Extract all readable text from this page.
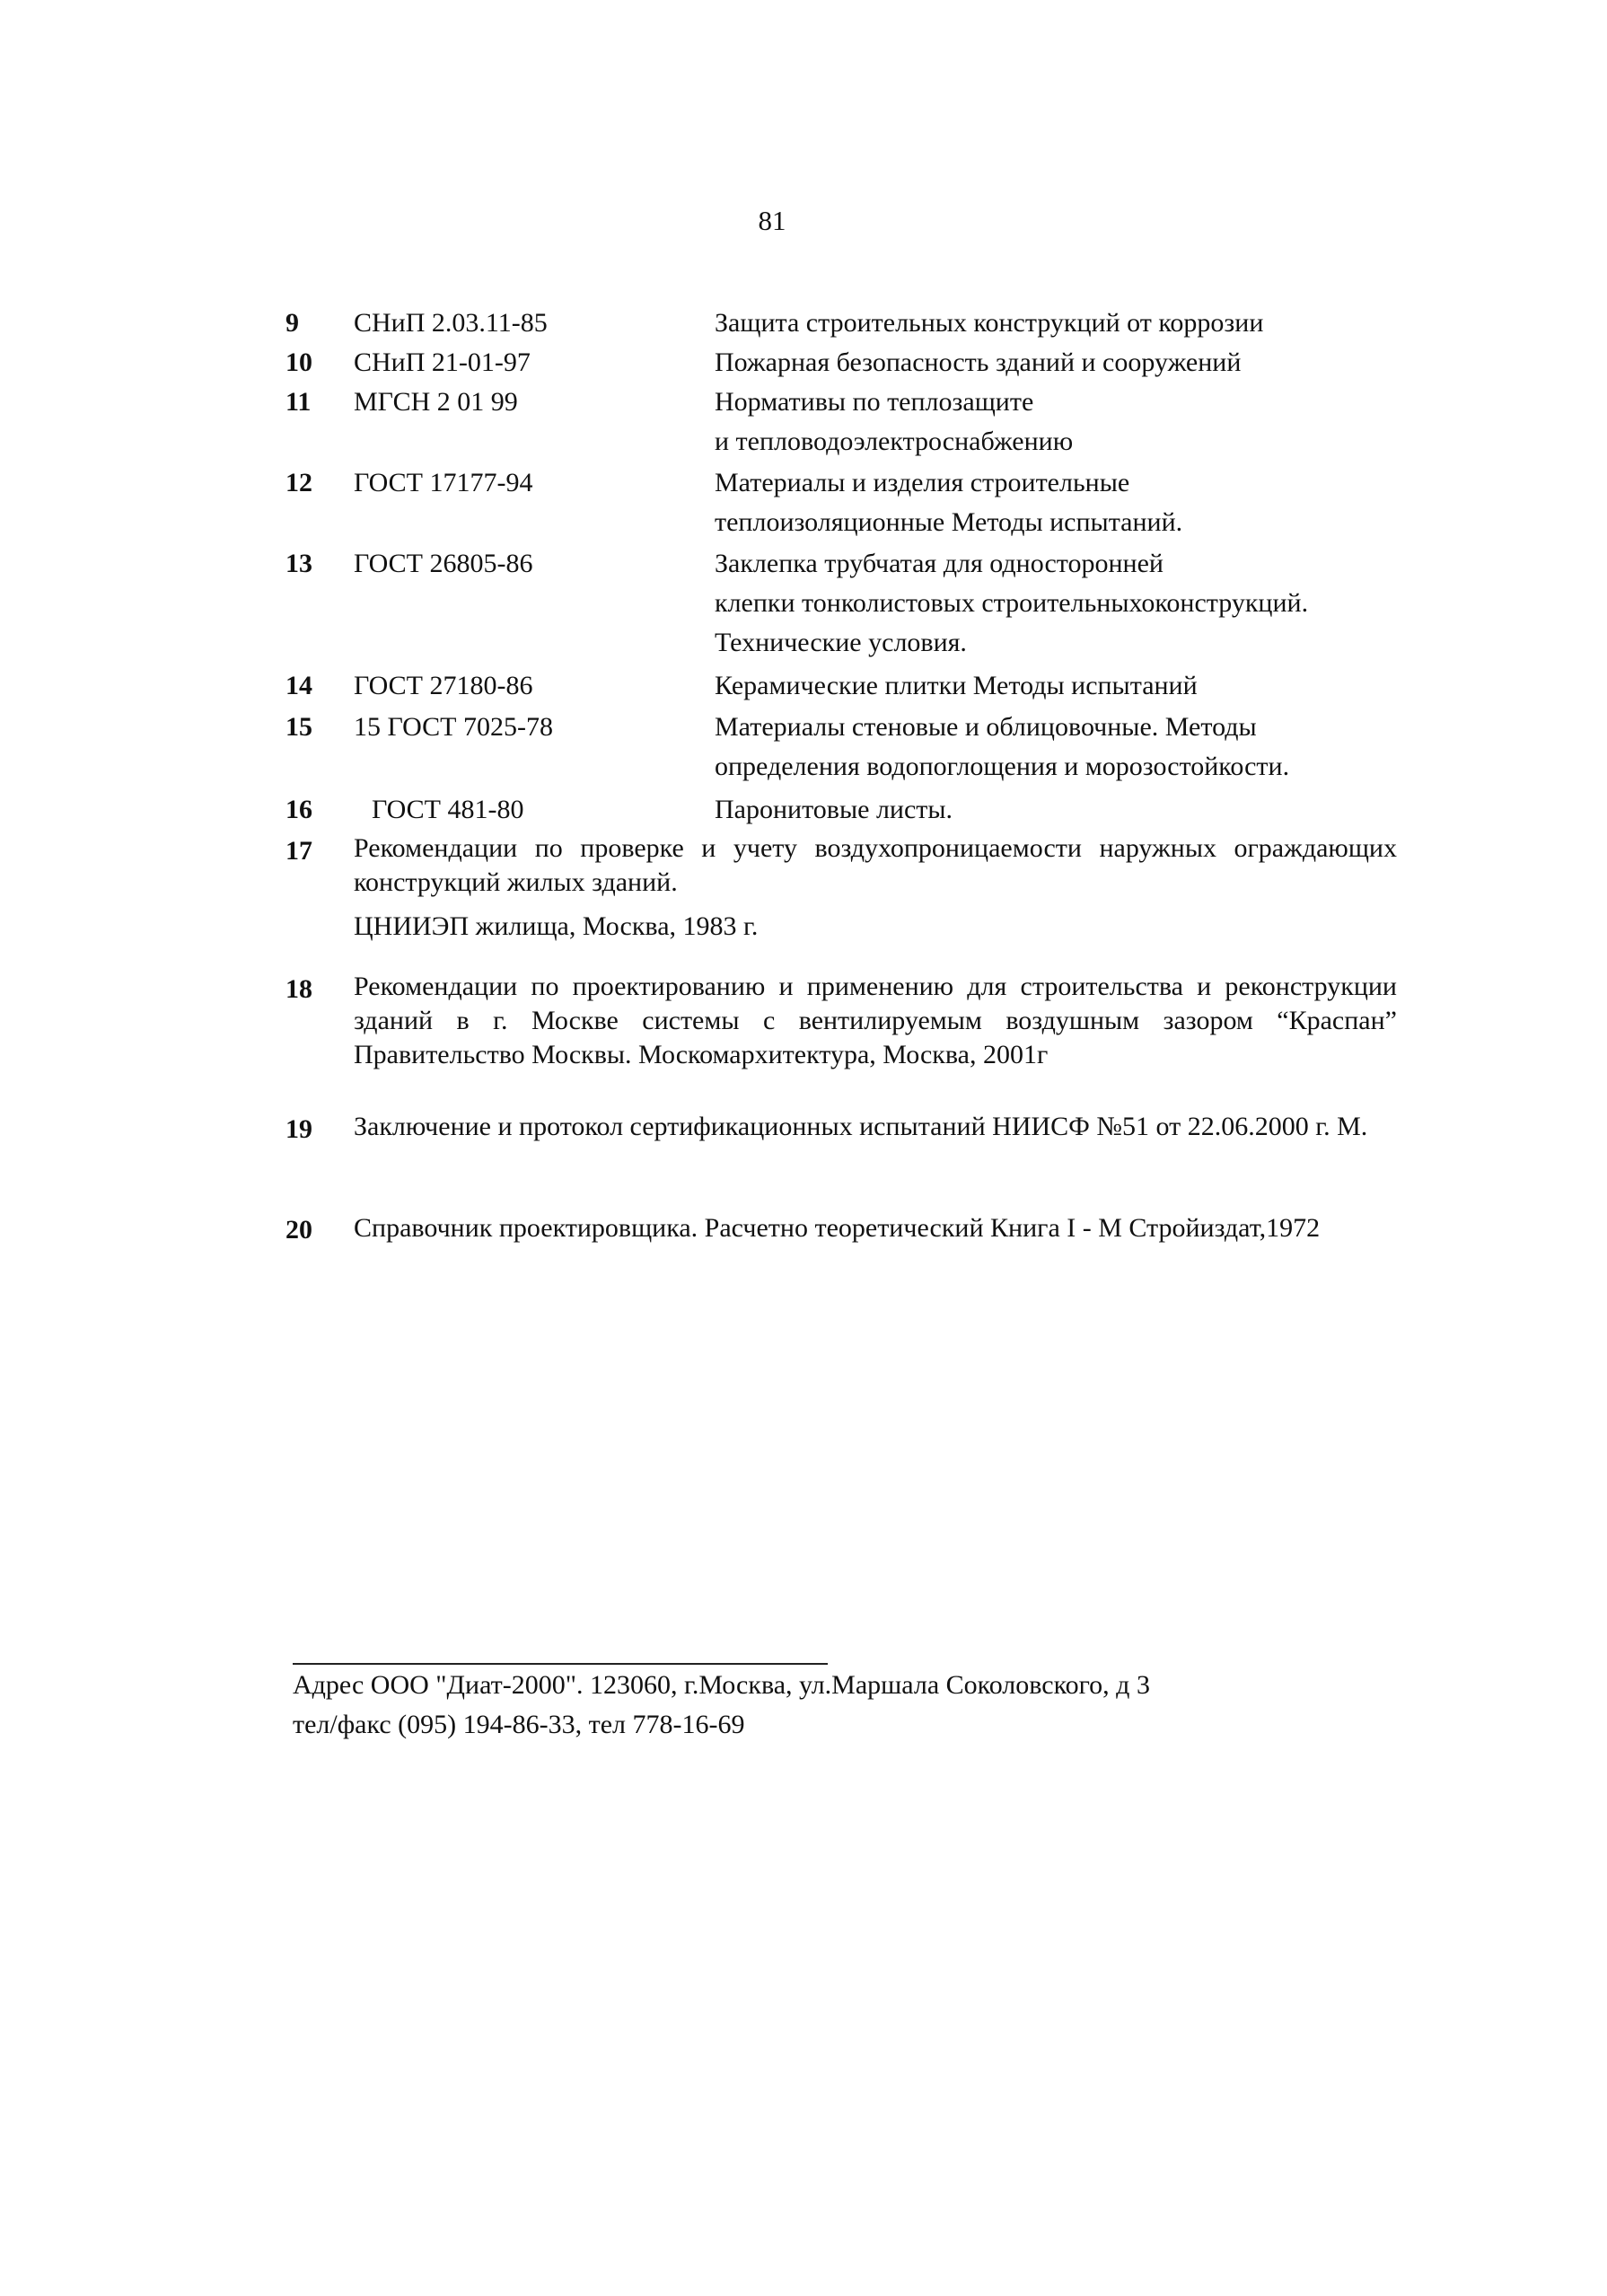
81
9	СНиП 2.03.11-85	Защита строительных конструкций от коррозии
10	СНиП 21-01-97	Пожарная безопасность зданий и сооружений
11	МГСН 2 01 99	Нормативы по теплозащите
и тепловодоэлектроснабжению
12	ГОСТ 17177-94	Материалы и изделия строительные
теплоизоляционные Методы испытаний.
13	ГОСТ 26805-86	Заклепка трубчатая для односторонней
клепки тонколистовых строительныхоконструкций.
Технические условия.
14	ГОСТ 27180-86	Керамические плитки Методы испытаний
15	15 ГОСТ 7025-78	Материалы стеновые и облицовочные. Методы
определения водопоглощения и морозостойкости.
16	ГОСТ 481-80	Паронитовые листы.
17	Рекомендации по проверке и учету воздухопроницаемости наружных ограждающих конструкций жилых зданий.
ЦНИИЭП жилища, Москва, 1983 г.
18	Рекомендации по проектированию и применению для строительства и реконструкции зданий в г. Москве системы с вентилируемым воздушным зазором “Краспан” Правительство Москвы. Москомархитектура, Москва, 2001г
19	Заключение и протокол сертификационных испытаний НИИСФ №51 от 22.06.2000 г. М.
20	Справочник проектировщика. Расчетно теоретический Книга I - М Стройиздат,1972
Адрес ООО "Диат-2000". 123060, г.Москва, ул.Маршала Соколовского, д 3
тел/факс (095) 194-86-33, тел 778-16-69
